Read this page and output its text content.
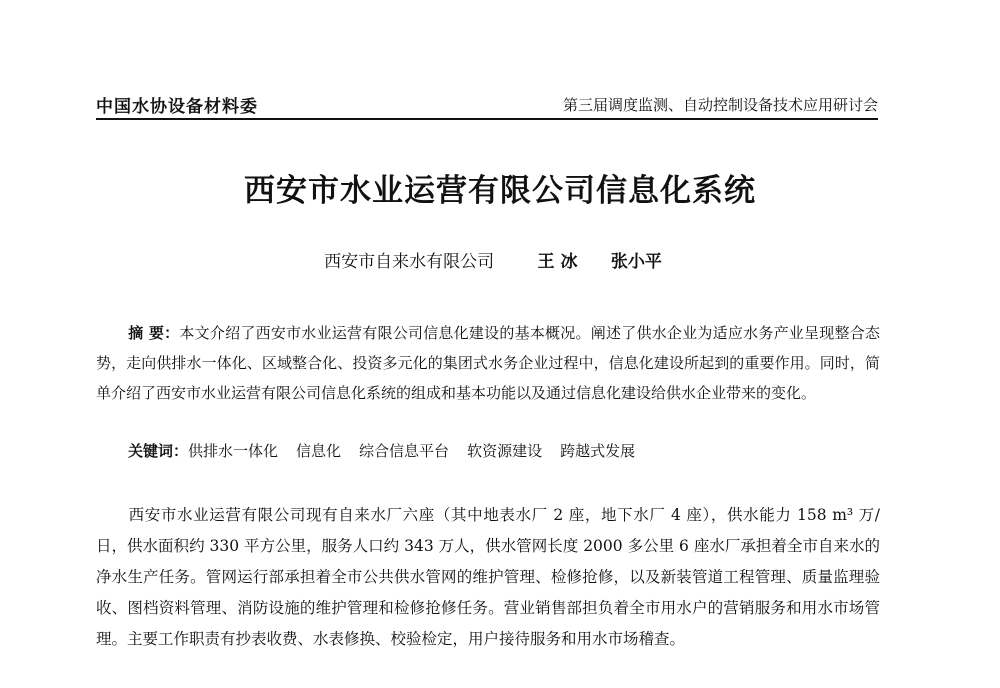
中国水协设备材料委	第三届调度监测、自动控制设备技术应用研讨会
西安市水业运营有限公司信息化系统
西安市自来水有限公司	王 冰 张小平
摘 要：本文介绍了西安市水业运营有限公司信息化建设的基本概况。阐述了供水企业为适应水务产业呈现整合态势，走向供排水一体化、区域整合化、投资多元化的集团式水务企业过程中，信息化建设所起到的重要作用。同时，简单介绍了西安市水业运营有限公司信息化系统的组成和基本功能以及通过信息化建设给供水企业带来的变化。
关键词：供排水一体化 信息化 综合信息平台 软资源建设 跨越式发展
西安市水业运营有限公司现有自来水厂六座（其中地表水厂 2 座，地下水厂 4 座），供水能力 158 m³ 万/日，供水面积约 330 平方公里，服务人口约 343 万人，供水管网长度 2000 多公里 6 座水厂承担着全市自来水的净水生产任务。管网运行部承担着全市公共供水管网的维护管理、检修抢修，以及新装管道工程管理、质量监理验收、图档资料管理、消防设施的维护管理和检修抢修任务。营业销售部担负着全市用水户的营销服务和用水市场管理。主要工作职责有抄表收费、水表修换、校验检定，用户接待服务和用水市场稽查。
